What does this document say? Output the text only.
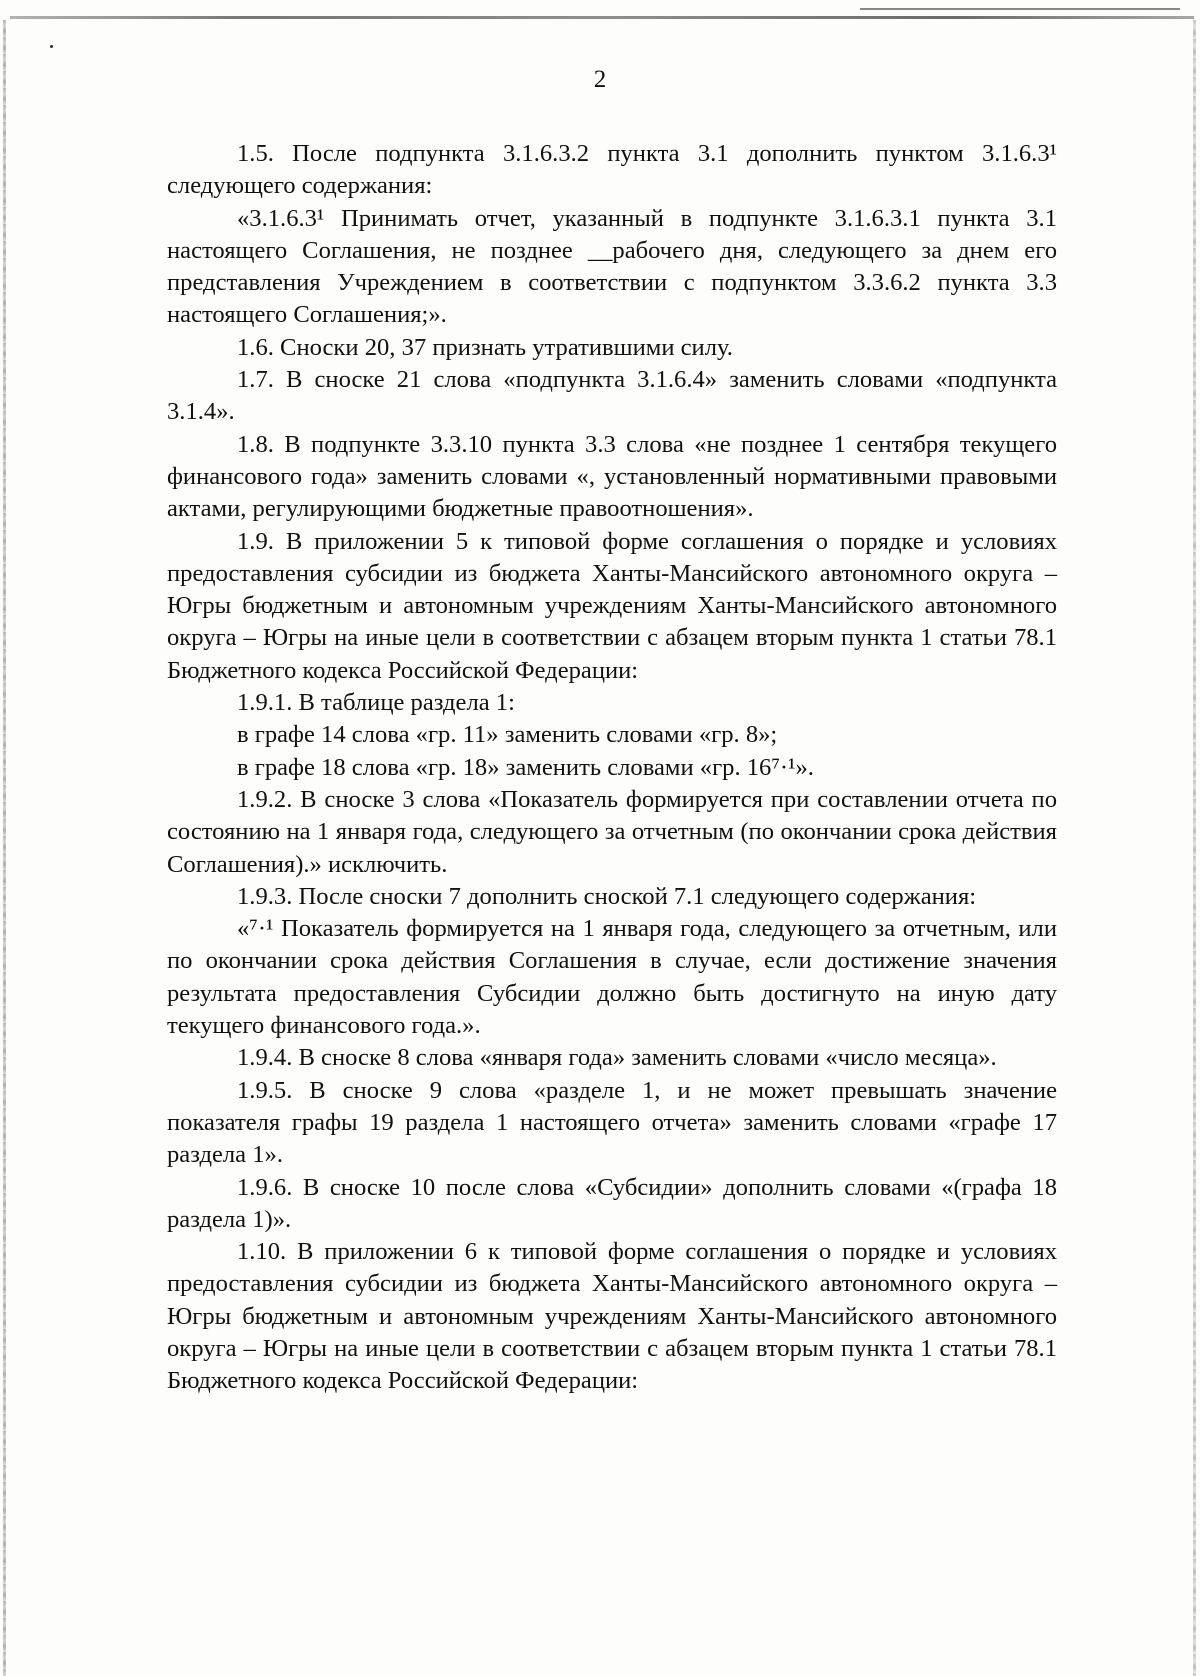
2

1.5. После подпункта 3.1.6.3.2 пункта 3.1 дополнить пунктом 3.1.6.3¹ следующего содержания:

«3.1.6.3¹ Принимать отчет, указанный в подпункте 3.1.6.3.1 пункта 3.1 настоящего Соглашения, не позднее __рабочего дня, следующего за днем его представления Учреждением в соответствии с подпунктом 3.3.6.2 пункта 3.3 настоящего Соглашения;».

1.6. Сноски 20, 37 признать утратившими силу.

1.7. В сноске 21 слова «подпункта 3.1.6.4» заменить словами «подпункта 3.1.4».

1.8. В подпункте 3.3.10 пункта 3.3 слова «не позднее 1 сентября текущего финансового года» заменить словами «, установленный нормативными правовыми актами, регулирующими бюджетные правоотношения».

1.9. В приложении 5 к типовой форме соглашения о порядке и условиях предоставления субсидии из бюджета Ханты-Мансийского автономного округа – Югры бюджетным и автономным учреждениям Ханты-Мансийского автономного округа – Югры на иные цели в соответствии с абзацем вторым пункта 1 статьи 78.1 Бюджетного кодекса Российской Федерации:

1.9.1. В таблице раздела 1:

в графе 14 слова «гр. 11» заменить словами «гр. 8»;

в графе 18 слова «гр. 18» заменить словами «гр. 16⁷·¹».

1.9.2. В сноске 3 слова «Показатель формируется при составлении отчета по состоянию на 1 января года, следующего за отчетным (по окончании срока действия Соглашения).» исключить.

1.9.3. После сноски 7 дополнить сноской 7.1 следующего содержания:

«⁷·¹ Показатель формируется на 1 января года, следующего за отчетным, или по окончании срока действия Соглашения в случае, если достижение значения результата предоставления Субсидии должно быть достигнуто на иную дату текущего финансового года.».

1.9.4. В сноске 8 слова «января года» заменить словами «число месяца».

1.9.5. В сноске 9 слова «разделе 1, и не может превышать значение показателя графы 19 раздела 1 настоящего отчета» заменить словами «графе 17 раздела 1».

1.9.6. В сноске 10 после слова «Субсидии» дополнить словами «(графа 18 раздела 1)».

1.10. В приложении 6 к типовой форме соглашения о порядке и условиях предоставления субсидии из бюджета Ханты-Мансийского автономного округа – Югры бюджетным и автономным учреждениям Ханты-Мансийского автономного округа – Югры на иные цели в соответствии с абзацем вторым пункта 1 статьи 78.1 Бюджетного кодекса Российской Федерации:
